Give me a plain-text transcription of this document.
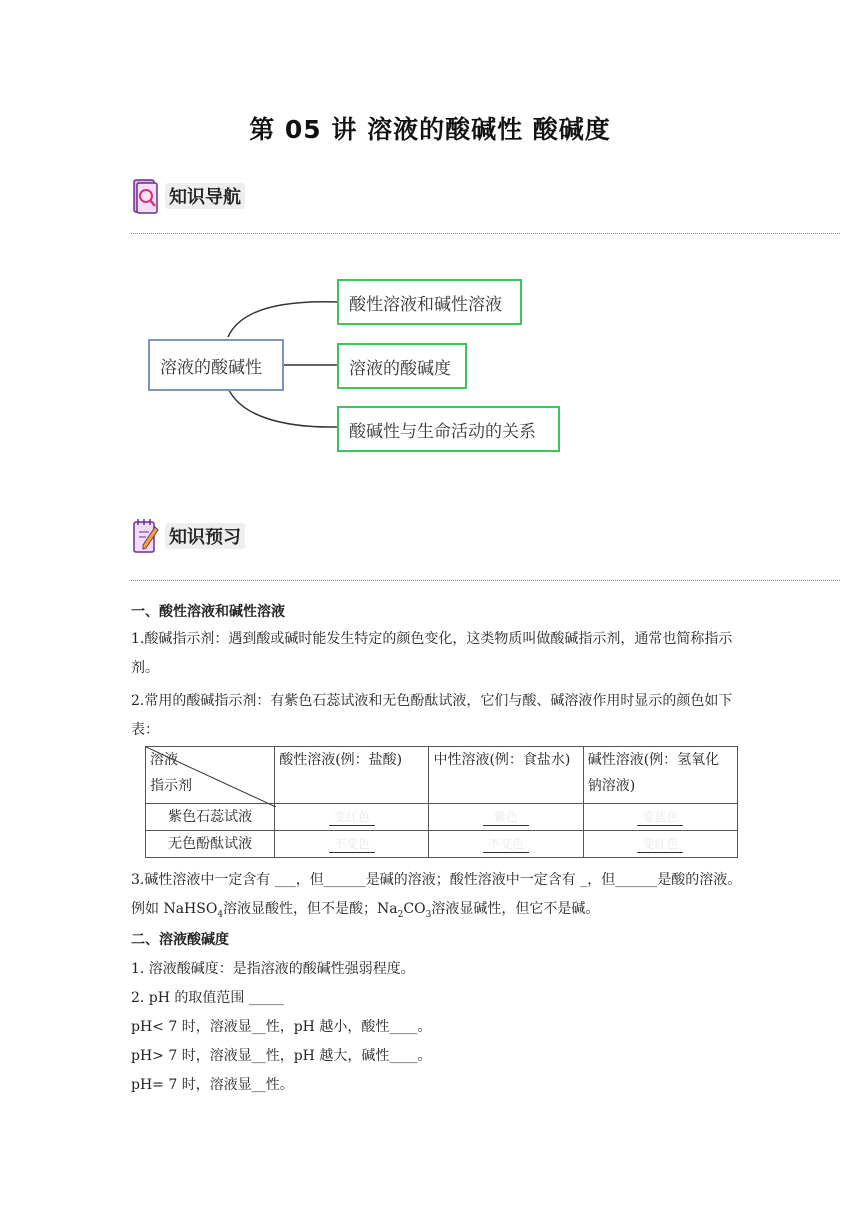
第 05 讲 溶液的酸碱性 酸碱度
知识导航
溶液的酸碱性
酸性溶液和碱性溶液
溶液的酸碱度
酸碱性与生命活动的关系
知识预习
一、酸性溶液和碱性溶液
1.酸碱指示剂：遇到酸或碱时能发生特定的颜色变化，这类物质叫做酸碱指示剂，通常也简称指示剂。
2.常用的酸碱指示剂：有紫色石蕊试液和无色酚酞试液，它们与酸、碱溶液作用时显示的颜色如下表：
溶液
指示剂	酸性溶液(例：盐酸)	中性溶液(例：食盐水)	碱性溶液(例：氢氧化钠溶液)
紫色石蕊试液	变红色	紫色	变蓝色
无色酚酞试液	不变色	不变色	变红色
3.碱性溶液中一定含有 ___，但______是碱的溶液；酸性溶液中一定含有 _，但______是酸的溶液。例如 NaHSO$_4$溶液显酸性，但不是酸；$Na_2CO_3$溶液显碱性，但它不是碱。
二、溶液酸碱度
1. 溶液酸碱度：是指溶液的酸碱性强弱程度。
2. pH 的取值范围 _____
pH< 7 时，溶液显__性，pH 越小，酸性____。
pH> 7 时，溶液显__性，pH 越大，碱性____。
pH= 7 时，溶液显__性。
